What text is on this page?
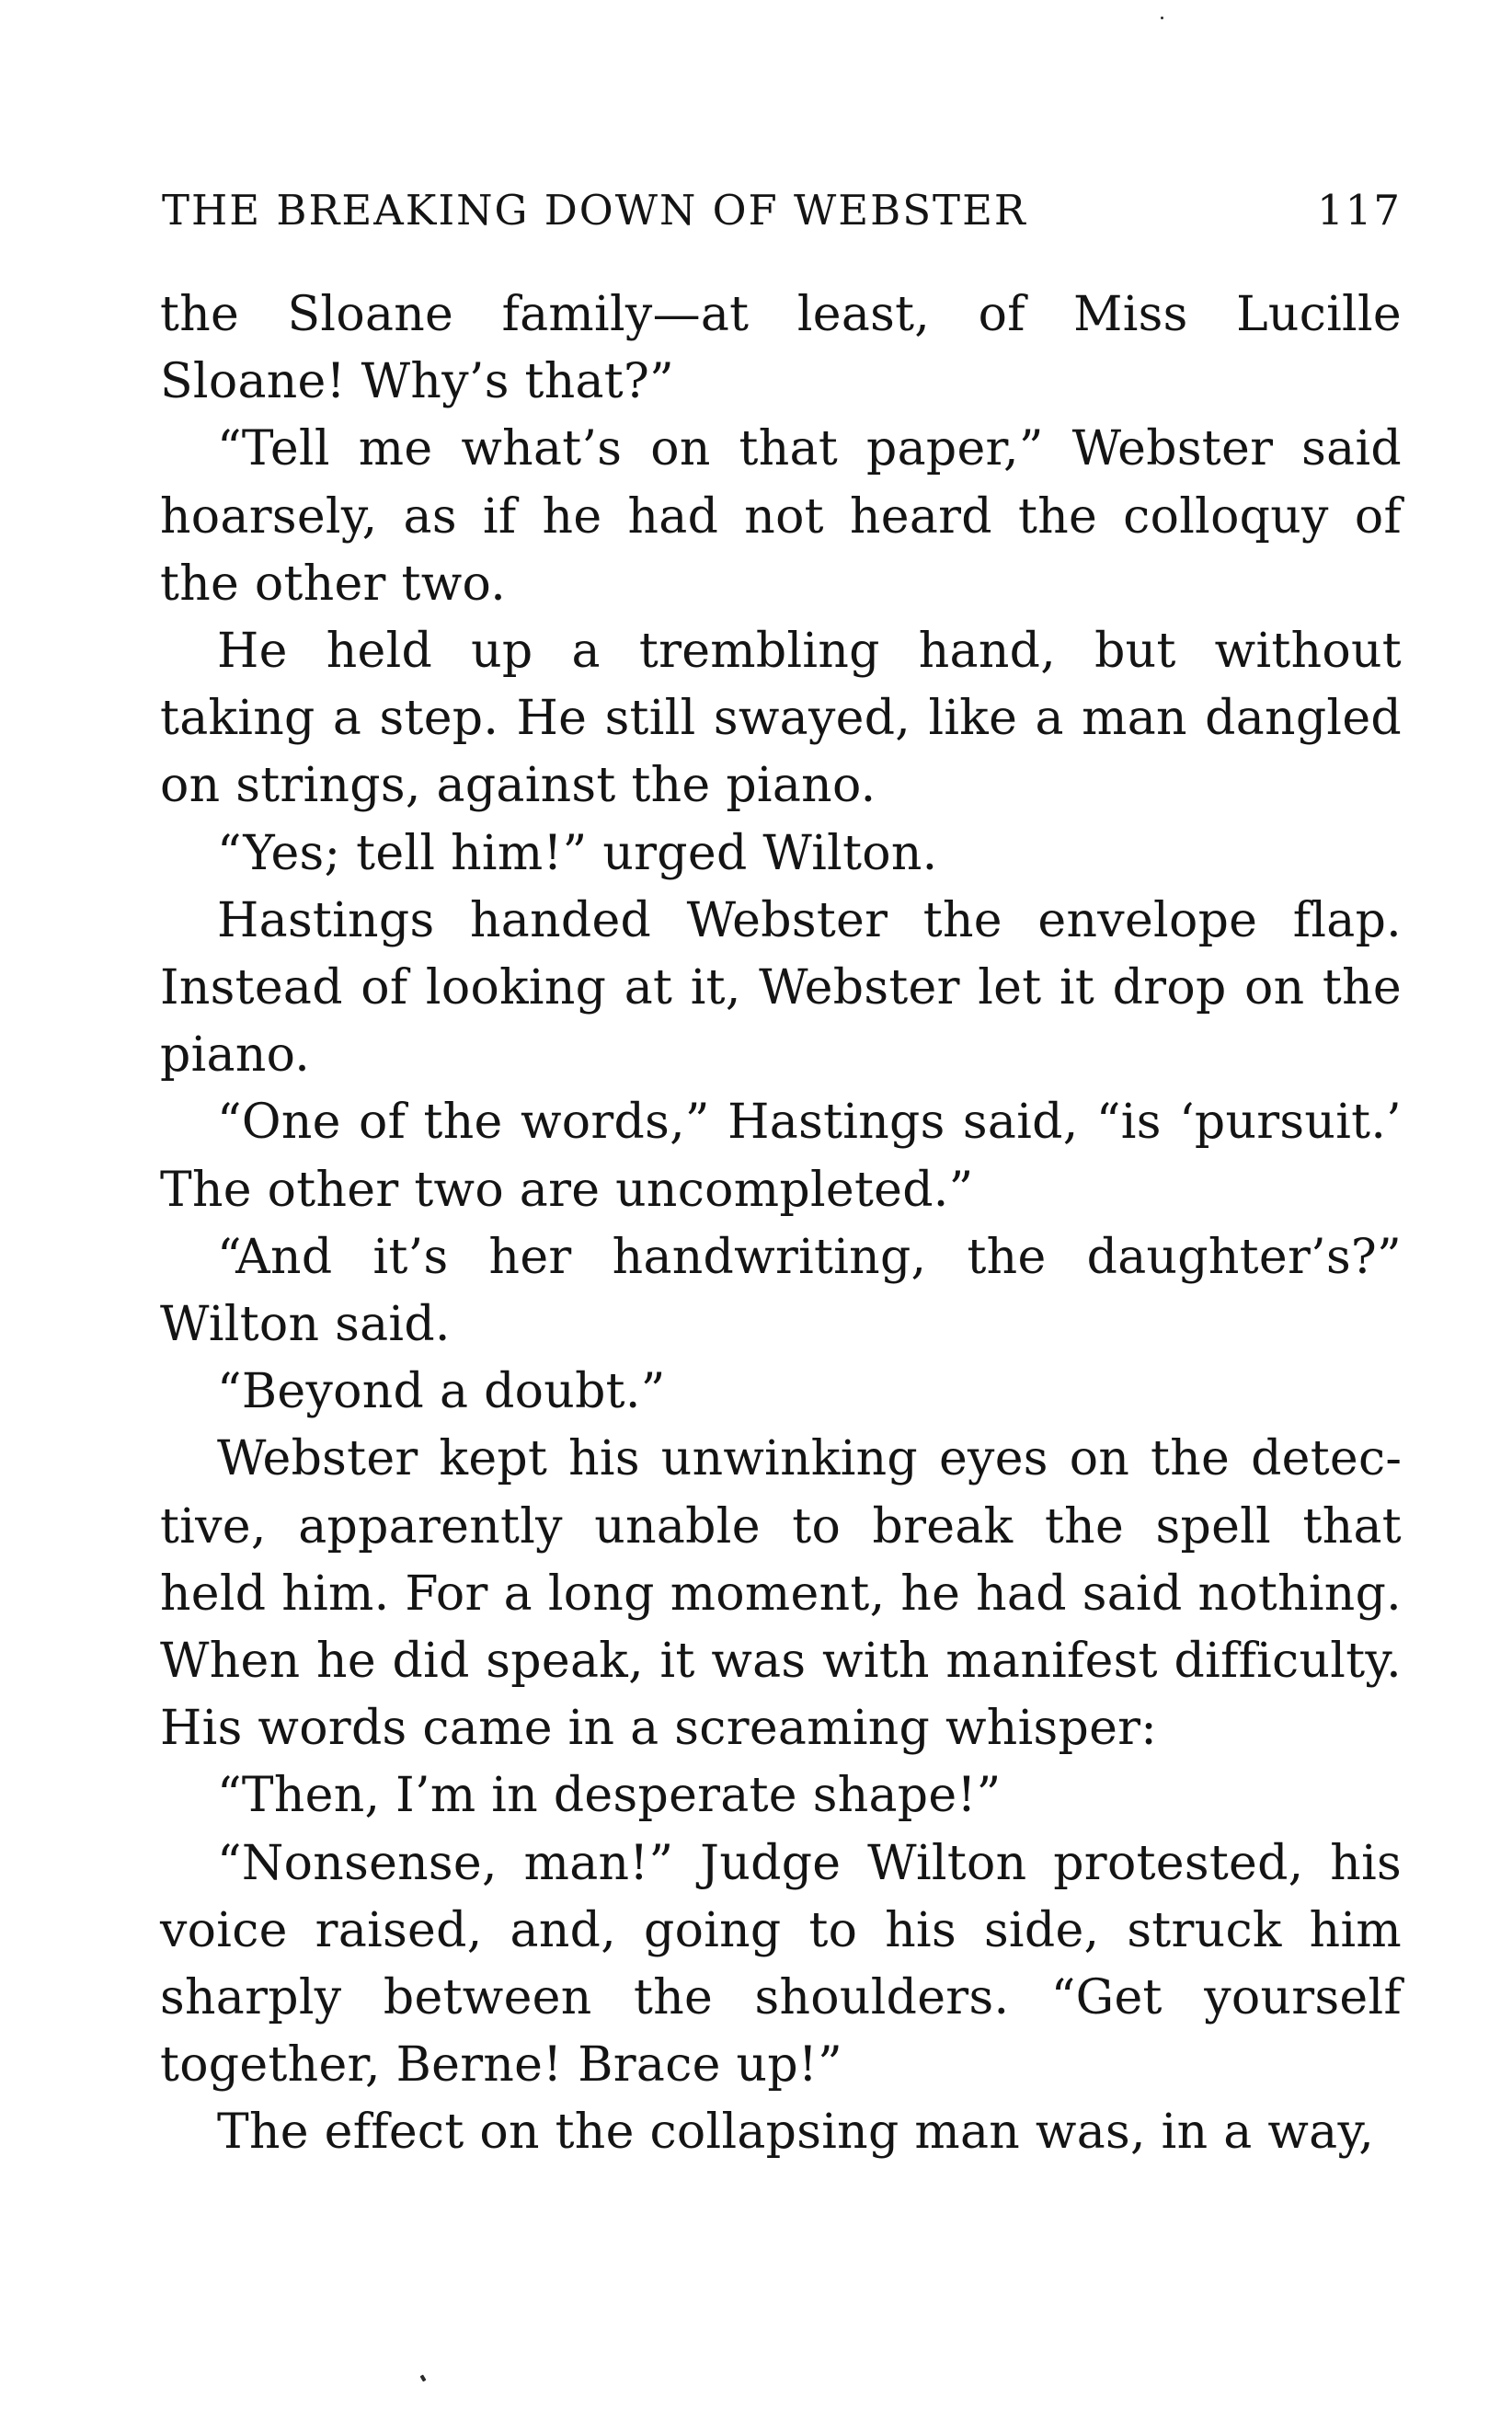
THE BREAKING DOWN OF WEBSTER	117

the Sloane family—at least, of Miss Lucille Sloane! Why’s that?”

“Tell me what’s on that paper,” Webster said hoarsely, as if he had not heard the colloquy of the other two.

He held up a trembling hand, but without taking a step. He still swayed, like a man dangled on strings, against the piano.

“Yes; tell him!” urged Wilton.

Hastings handed Webster the envelope flap. Instead of looking at it, Webster let it drop on the piano.

“One of the words,” Hastings said, “is ‘pursuit.’ The other two are uncompleted.”

“And it’s her handwriting, the daughter’s?” Wilton said.

“Beyond a doubt.”

Webster kept his unwinking eyes on the detective, apparently unable to break the spell that held him. For a long moment, he had said nothing. When he did speak, it was with manifest difficulty. His words came in a screaming whisper:

“Then, I’m in desperate shape!”

“Nonsense, man!” Judge Wilton protested, his voice raised, and, going to his side, struck him sharply between the shoulders. “Get yourself together, Berne! Brace up!”

The effect on the collapsing man was, in a way,
